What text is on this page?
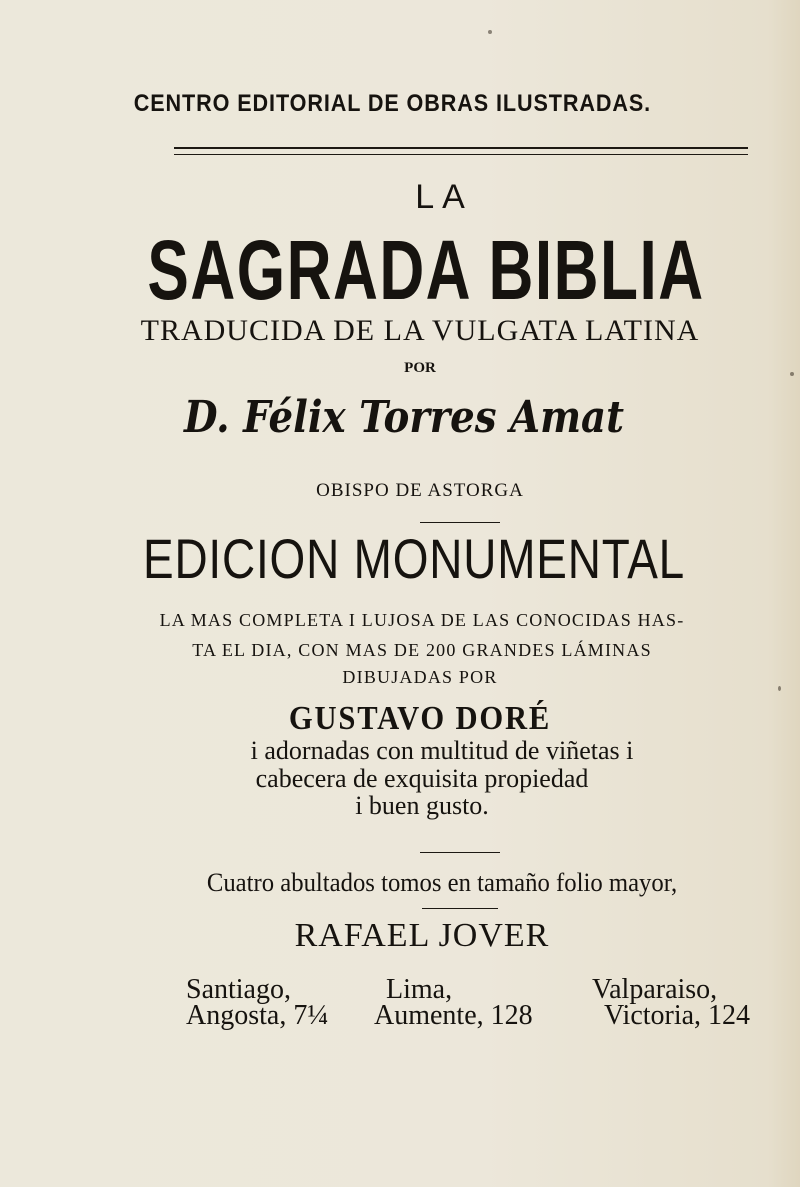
CENTRO EDITORIAL DE OBRAS ILUSTRADAS.
LA
SAGRADA BIBLIA
TRADUCIDA DE LA VULGATA LATINA
POR
D. Félix Torres Amat
OBISPO DE ASTORGA
EDICION MONUMENTAL
LA MAS COMPLETA I LUJOSA DE LAS CONOCIDAS HAS-
TA EL DIA, CON MAS DE 200 GRANDES LÁMINAS
DIBUJADAS POR
GUSTAVO DORÉ
i adornadas con multitud de viñetas i
cabecera de exquisita propiedad
i buen gusto.
Cuatro abultados tomos en tamaño folio mayor,
RAFAEL JOVER
Santiago,
Angosta, 7¼
Lima,
Aumente, 128
Valparaiso,
Victoria, 124
